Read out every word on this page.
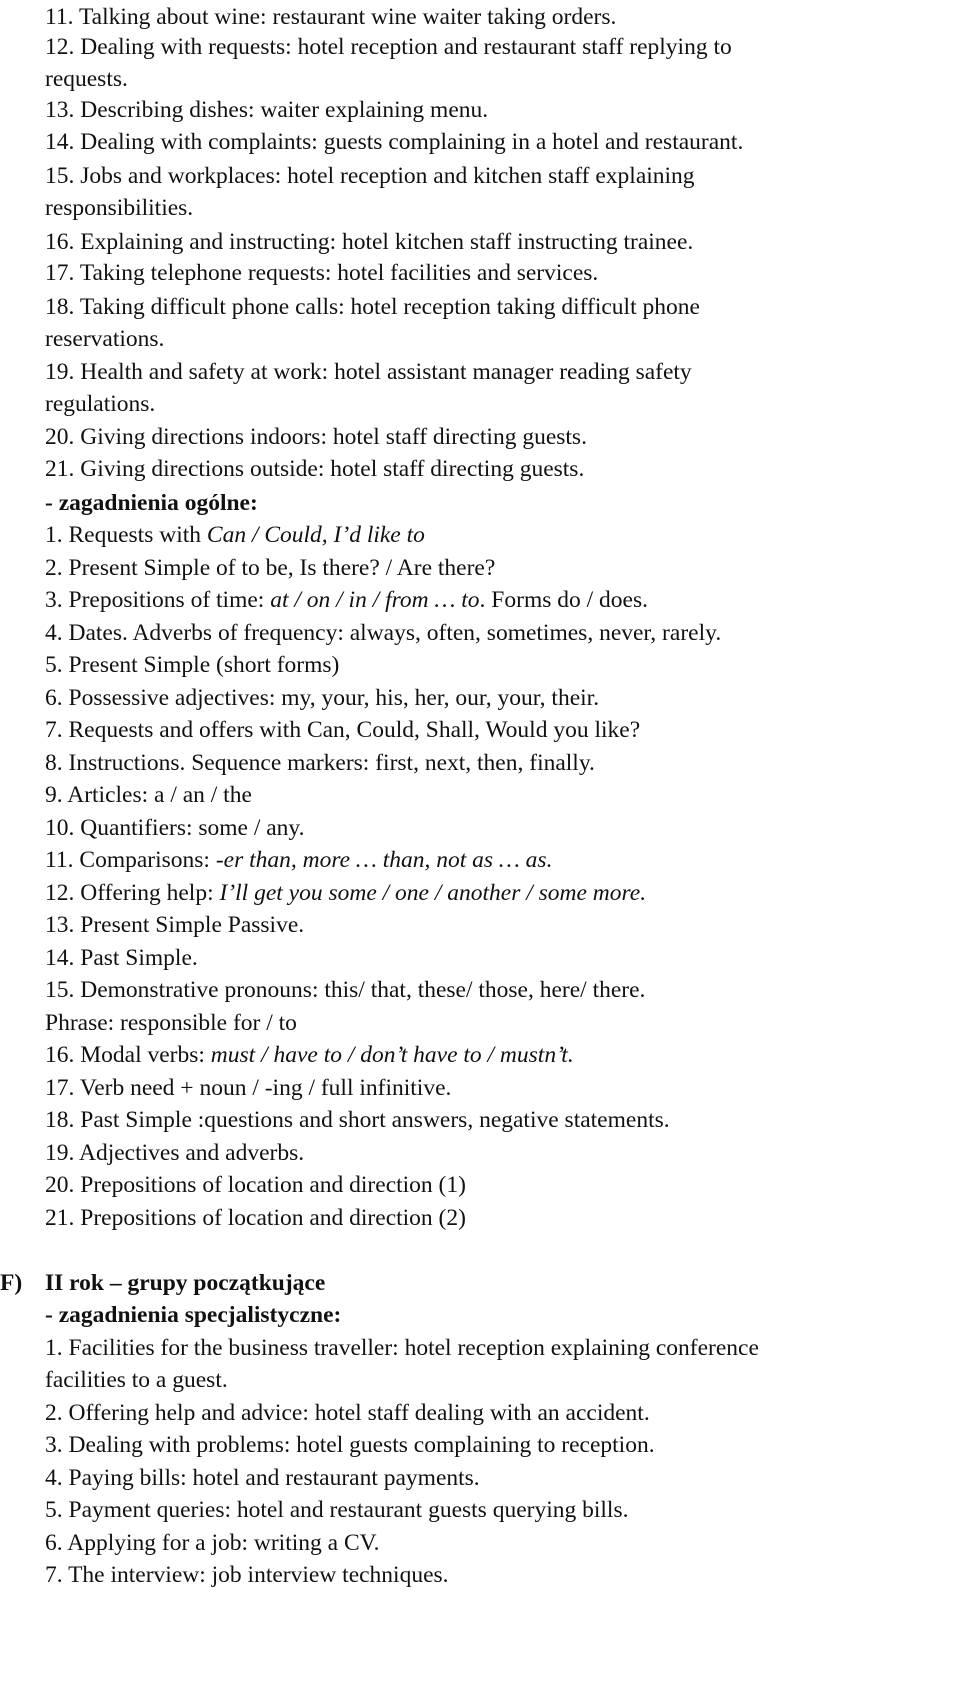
11. Talking about wine: restaurant wine waiter taking orders.
12. Dealing with requests: hotel reception and restaurant staff replying to
requests.
13. Describing dishes: waiter explaining menu.
14. Dealing with complaints: guests complaining in a hotel and restaurant.
15. Jobs and workplaces: hotel reception and kitchen staff explaining
responsibilities.
16. Explaining and instructing: hotel kitchen staff instructing trainee.
17. Taking telephone requests: hotel facilities and services.
18. Taking difficult phone calls: hotel reception taking difficult phone
reservations.
19. Health and safety at work: hotel assistant manager reading safety
regulations.
20. Giving directions indoors: hotel staff directing guests.
21. Giving directions outside: hotel staff directing guests.
- zagadnienia ogólne:
1. Requests with Can / Could, I’d like to
2. Present Simple of to be, Is there? / Are there?
3. Prepositions of time: at / on / in / from … to. Forms do / does.
4. Dates. Adverbs of frequency: always, often, sometimes, never, rarely.
5. Present Simple (short forms)
6. Possessive adjectives: my, your, his, her, our, your, their.
7. Requests and offers with Can, Could, Shall, Would you like?
8. Instructions. Sequence markers: first, next, then, finally.
9. Articles: a / an / the
10. Quantifiers: some / any.
11. Comparisons: -er than, more … than, not as … as.
12. Offering help: I’ll get you some / one / another / some more.
13. Present Simple Passive.
14. Past Simple.
15. Demonstrative pronouns: this/ that, these/ those, here/ there.
Phrase: responsible for / to
16. Modal verbs: must / have to / don’t have to / mustn’t.
17. Verb need + noun / -ing / full infinitive.
18. Past Simple :questions and short answers, negative statements.
19. Adjectives and adverbs.
20. Prepositions of location and direction (1)
21. Prepositions of location and direction (2)
F) II rok – grupy początkujące
- zagadnienia specjalistyczne:
1. Facilities for the business traveller: hotel reception explaining conference
facilities to a guest.
2. Offering help and advice: hotel staff dealing with an accident.
3. Dealing with problems: hotel guests complaining to reception.
4. Paying bills: hotel and restaurant payments.
5. Payment queries: hotel and restaurant guests querying bills.
6. Applying for a job: writing a CV.
7. The interview: job interview techniques.
